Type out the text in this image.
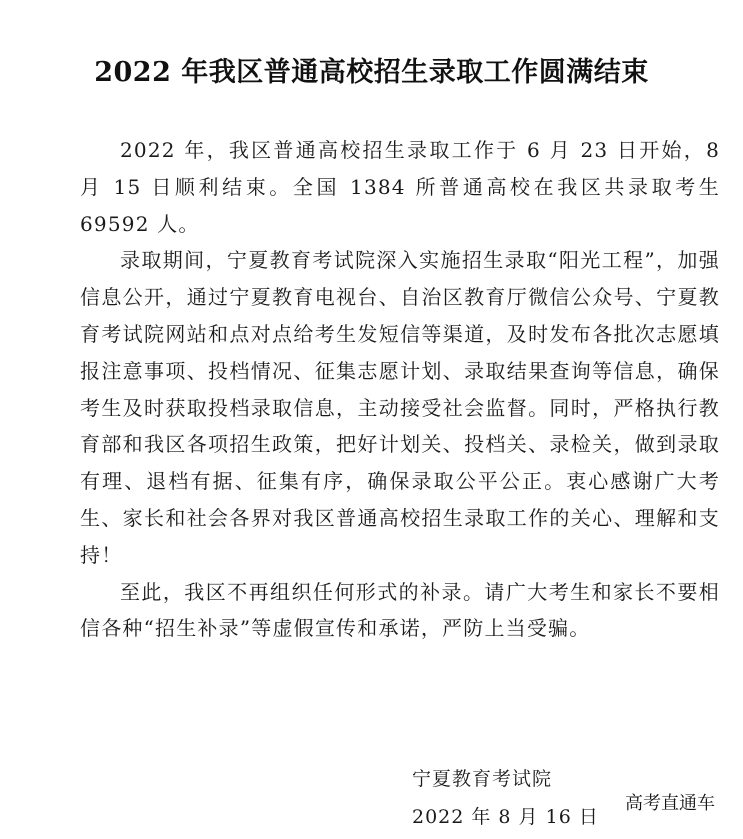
2022 年我区普通高校招生录取工作圆满结束

2022 年，我区普通高校招生录取工作于 6 月 23 日开始，8 月 15 日顺利结束。全国 1384 所普通高校在我区共录取考生 69592 人。

录取期间，宁夏教育考试院深入实施招生录取“阳光工程”，加强信息公开，通过宁夏教育电视台、自治区教育厅微信公众号、宁夏教育考试院网站和点对点给考生发短信等渠道，及时发布各批次志愿填报注意事项、投档情况、征集志愿计划、录取结果查询等信息，确保考生及时获取投档录取信息，主动接受社会监督。同时，严格执行教育部和我区各项招生政策，把好计划关、投档关、录检关，做到录取有理、退档有据、征集有序，确保录取公平公正。衷心感谢广大考生、家长和社会各界对我区普通高校招生录取工作的关心、理解和支持！

至此，我区不再组织任何形式的补录。请广大考生和家长不要相信各种“招生补录”等虚假宣传和承诺，严防上当受骗。

宁夏教育考试院
2022 年 8 月 16 日
高考直通车
